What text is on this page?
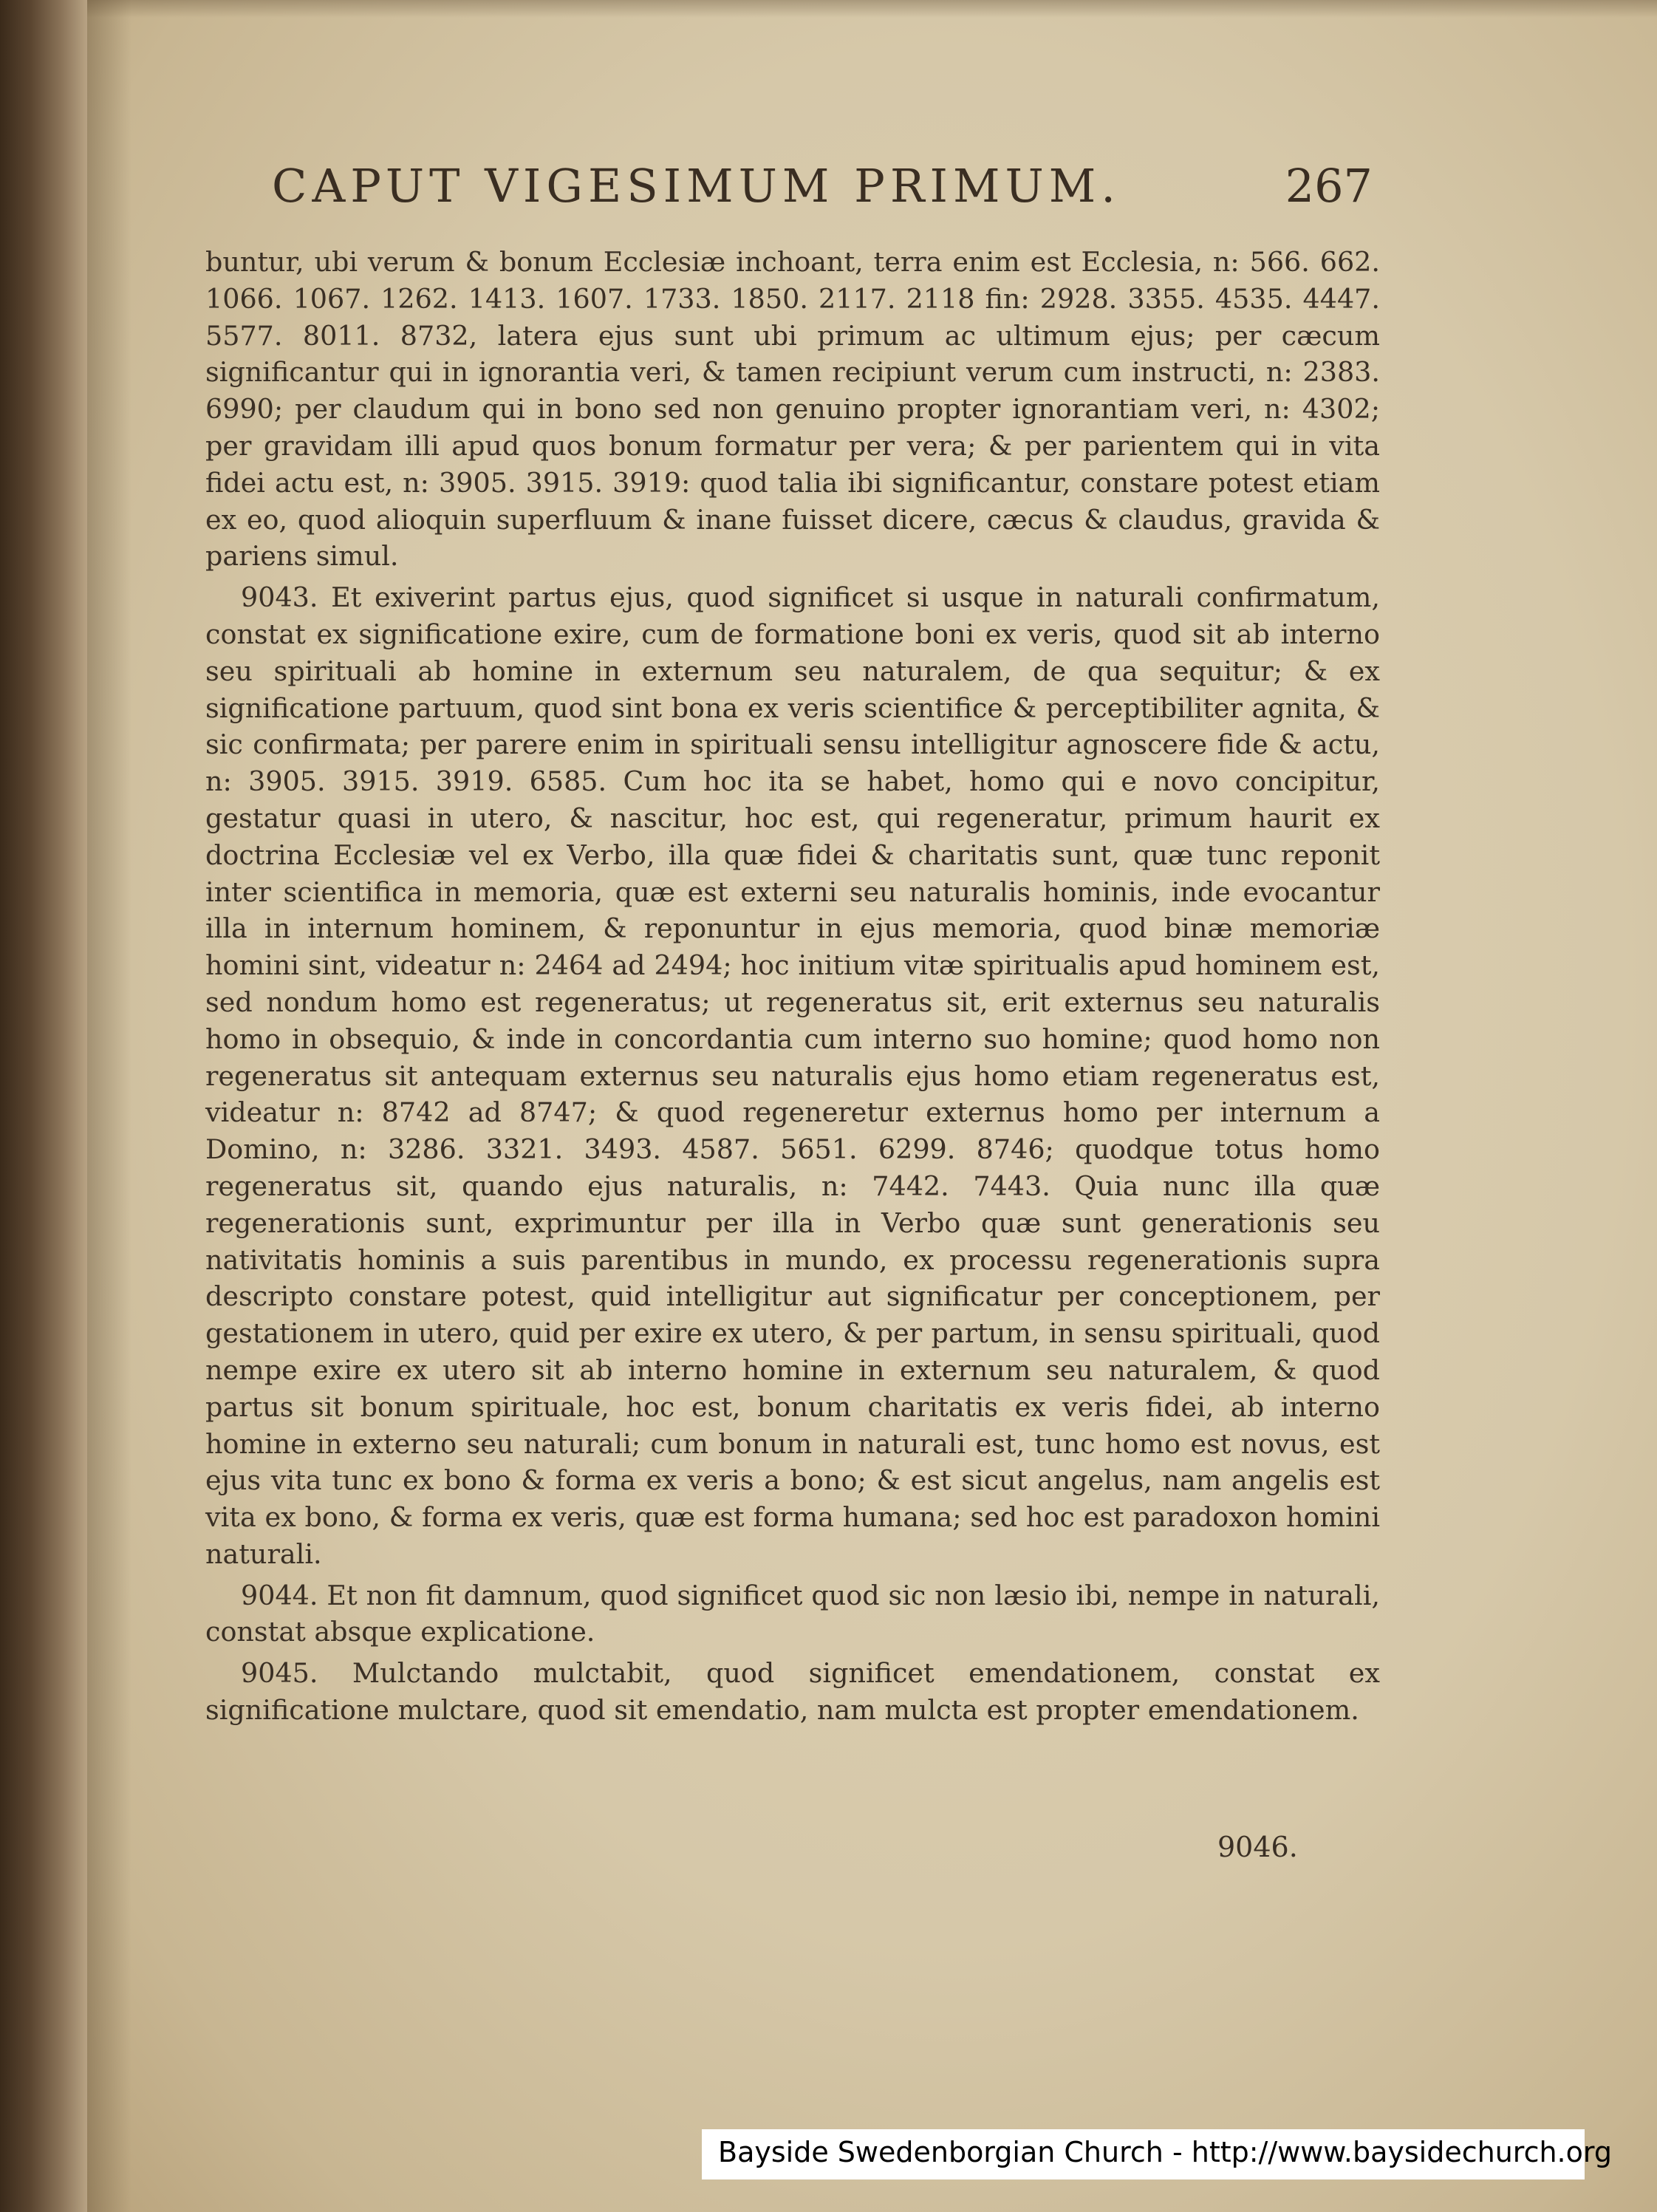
CAPUT VIGESIMUM PRIMUM.	267

buntur, ubi verum & bonum Ecclesiæ inchoant, terra enim est Ecclesia, n: 566. 662. 1066. 1067. 1262. 1413. 1607. 1733. 1850. 2117. 2118 fin: 2928. 3355. 4535. 4447. 5577. 8011. 8732, latera ejus sunt ubi primum ac ultimum ejus; per cæcum significantur qui in ignorantia veri, & tamen recipiunt verum cum instructi, n: 2383. 6990; per claudum qui in bono sed non genuino propter ignorantiam veri, n: 4302; per gravidam illi apud quos bonum formatur per vera; & per parientem qui in vita fidei actu est, n: 3905. 3915. 3919: quod talia ibi significantur, constare potest etiam ex eo, quod alioquin superfluum & inane fuisset dicere, cæcus & claudus, gravida & pariens simul.

9043. Et exiverint partus ejus, quod significet si usque in naturali confirmatum, constat ex significatione exire, cum de formatione boni ex veris, quod sit ab interno seu spirituali ab homine in externum seu naturalem, de qua sequitur; & ex significatione partuum, quod sint bona ex veris scientifice & perceptibiliter agnita, & sic confirmata; per parere enim in spirituali sensu intelligitur agnoscere fide & actu, n: 3905. 3915. 3919. 6585. Cum hoc ita se habet, homo qui e novo concipitur, gestatur quasi in utero, & nascitur, hoc est, qui regeneratur, primum haurit ex doctrina Ecclesiæ vel ex Verbo, illa quæ fidei & charitatis sunt, quæ tunc reponit inter scientifica in memoria, quæ est externi seu naturalis hominis, inde evocantur illa in internum hominem, & reponuntur in ejus memoria, quod binæ memoriæ homini sint, videatur n: 2464 ad 2494; hoc initium vitæ spiritualis apud hominem est, sed nondum homo est regeneratus; ut regeneratus sit, erit externus seu naturalis homo in obsequio, & inde in concordantia cum interno suo homine; quod homo non regeneratus sit antequam externus seu naturalis ejus homo etiam regeneratus est, videatur n: 8742 ad 8747; & quod regeneretur externus homo per internum a Domino, n: 3286. 3321. 3493. 4587. 5651. 6299. 8746; quodque totus homo regeneratus sit, quando ejus naturalis, n: 7442. 7443. Quia nunc illa quæ regenerationis sunt, exprimuntur per illa in Verbo quæ sunt generationis seu nativitatis hominis a suis parentibus in mundo, ex processu regenerationis supra descripto constare potest, quid intelligitur aut significatur per conceptionem, per gestationem in utero, quid per exire ex utero, & per partum, in sensu spirituali, quod nempe exire ex utero sit ab interno homine in externum seu naturalem, & quod partus sit bonum spirituale, hoc est, bonum charitatis ex veris fidei, ab interno homine in externo seu naturali; cum bonum in naturali est, tunc homo est novus, est ejus vita tunc ex bono & forma ex veris a bono; & est sicut angelus, nam angelis est vita ex bono, & forma ex veris, quæ est forma humana; sed hoc est paradoxon homini naturali.

9044. Et non fit damnum, quod significet quod sic non læsio ibi, nempe in naturali, constat absque explicatione.

9045. Mulctando mulctabit, quod significet emendationem, constat ex significatione mulctare, quod sit emendatio, nam mulcta est propter emendationem.

9046.
Bayside Swedenborgian Church - http://www.baysidechurch.org
